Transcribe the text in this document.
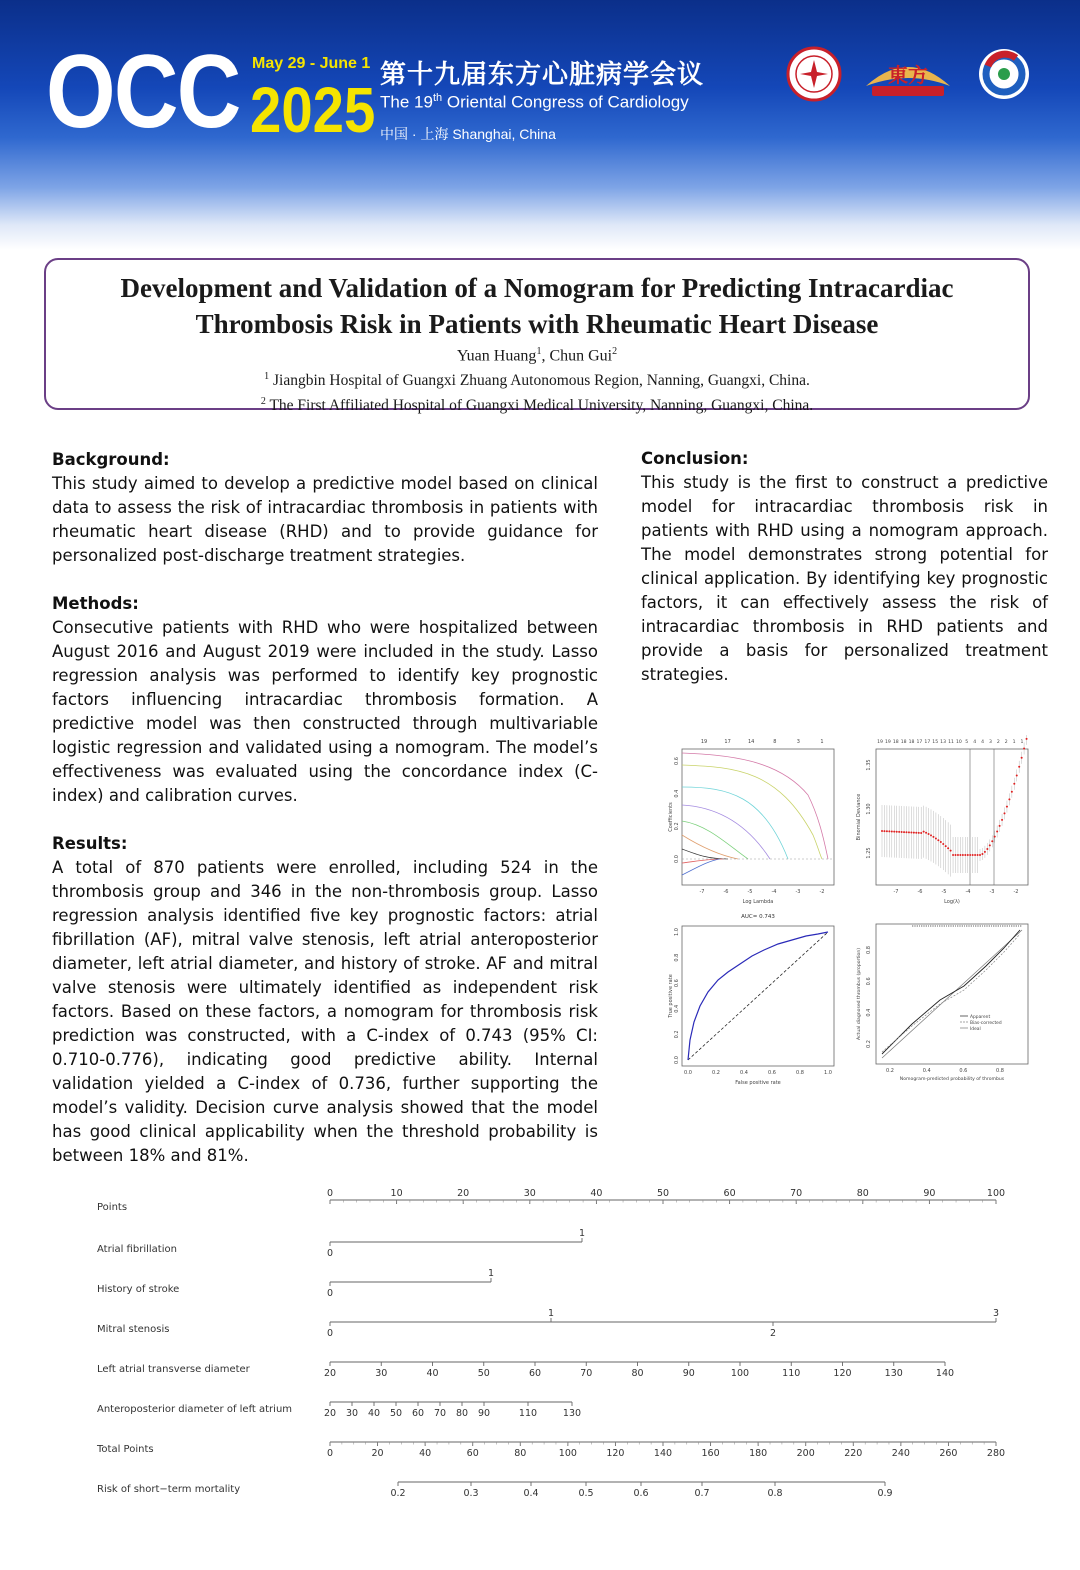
OCC May 29 - June 1
2025 第十九届东方心脏病学会议
The 19th Oriental Congress of Cardiology
中国 · 上海 Shanghai, China
東方
Development and Validation of a Nomogram for Predicting Intracardiac
Thrombosis Risk in Patients with Rheumatic Heart Disease
Yuan Huang$^1$, Chun Gui$^2$
$^1$ Jiangbin Hospital of Guangxi Zhuang Autonomous Region, Nanning, Guangxi, China.
$^2$ The First Affiliated Hospital of Guangxi Medical University, Nanning, Guangxi, China.
Background:

This study aimed to develop a predictive model based on clinical data to assess the risk of intracardiac thrombosis in patients with rheumatic heart disease (RHD) and to provide guidance for personalized post-discharge treatment strategies.

Methods:

Consecutive patients with RHD who were hospitalized between August 2016 and August 2019 were included in the study. Lasso regression analysis was performed to identify key prognostic factors influencing intracardiac thrombosis formation. A predictive model was then constructed through multivariable logistic regression and validated using a nomogram. The model’s effectiveness was evaluated using the concordance index (C-index) and calibration curves.

Results:

A total of 870 patients were enrolled, including 524 in the thrombosis group and 346 in the non-thrombosis group. Lasso regression analysis identified five key prognostic factors: atrial fibrillation (AF), mitral valve stenosis, left atrial anteroposterior diameter, left atrial diameter, and history of stroke. AF and mitral valve stenosis were ultimately identified as independent risk factors. Based on these factors, a nomogram for thrombosis risk prediction was constructed, with a C-index of 0.743 (95% CI: 0.710-0.776), indicating good predictive ability. Internal validation yielded a C-index of 0.736, further supporting the model’s validity. Decision curve analysis showed that the model has good clinical applicability when the threshold probability is between 18% and 81%.

Conclusion:

This study is the first to construct a predictive model for intracardiac thrombosis risk in patients with RHD using a nomogram approach. The model demonstrates strong potential for clinical application. By identifying key prognostic factors, it can effectively assess the risk of intracardiac thrombosis in RHD patients and provide a basis for personalized treatment strategies.

19	17	14	8	3	1
-7	-6	-5	-4	-3	-2
0.0
0.2
0.4
0.6
Log Lambda
Coefficients
19 19 18 18 18 17 17 15 13 11 10 5 4 4 3 2 2 1 1
-7	-6	-5	-4	-3	-2
1.25
1.30
1.35
Log(λ)
Binomial Deviance
AUC= 0.743
0.0	0.2	0.4	0.6	0.8	1.0
0.0
0.2
0.4
0.6
0.8
1.0
False positive rate
True positive rate
0.2	0.4	0.6	0.8
0.2
0.4
0.6
0.8
Nomogram-predicted probability of thrombus
Actual diagnosed thrombus (proportion)	Apparent
Bias-corrected
Ideal
Points
0	10	20	30	40	50	60	70	80	90	100
Atrial fibrillation	0
1
History of stroke	0
1
Mitral stenosis	0
1
2
3
Left atrial transverse diameter	20	30	40	50	60	70	80	90	100	110	120	130	140
Anteroposterior diameter of left atrium	20 30 40 50 60 70 80 90	110	130
Total Points	0	20	40	60	80	100	120	140	160	180	200	220	240	260	280
Risk of short−term mortality	0.2	0.3	0.4	0.5	0.6	0.7	0.8	0.9
